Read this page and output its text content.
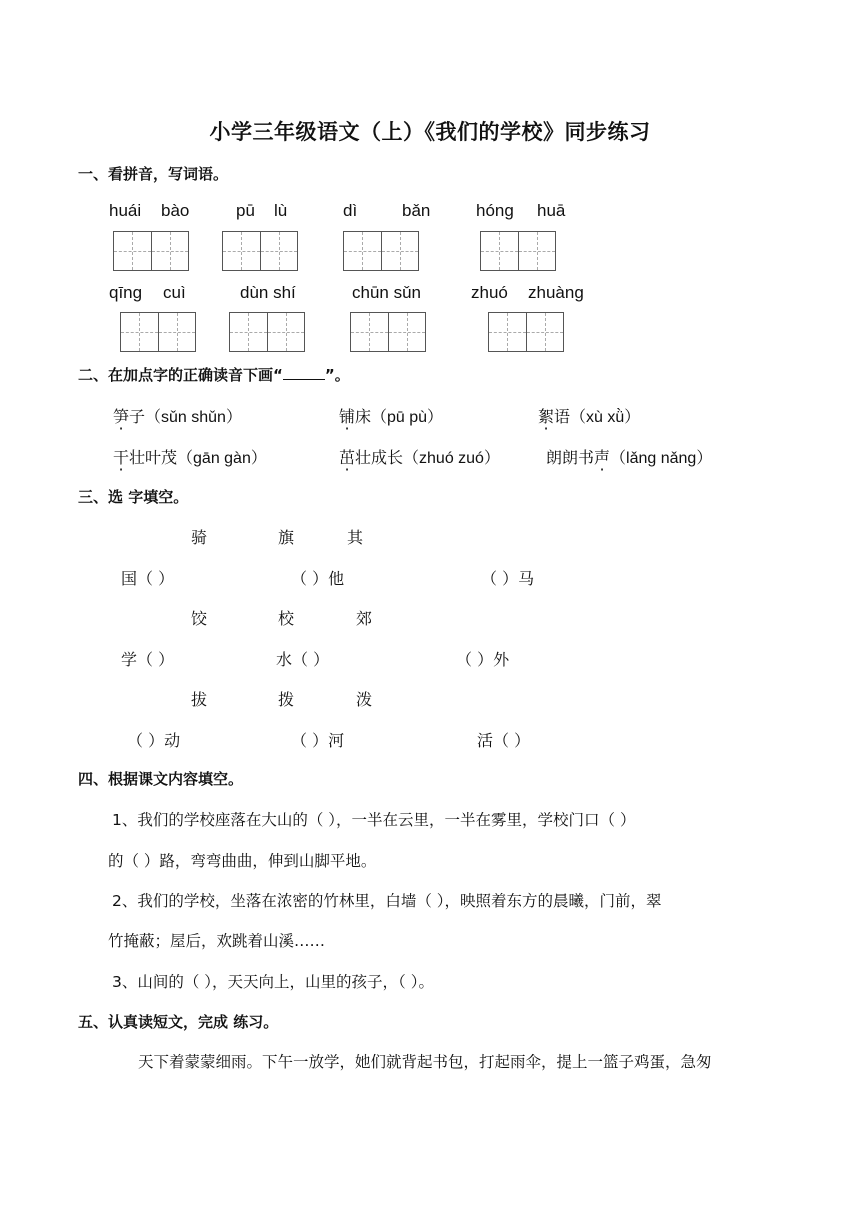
小学三年级语文（上）《我们的学校》同步练习
一、看拼音，写词语。
huái bào	pū lù	dì	bǎn	hóng huā
qīng cuì	dùn shí	chūn sǔn	zhuó zhuàng
二、在加点字的正确读音下画“	”。
笋子（sǔn shǔn）	铺床（pū pù）	絮语（xù xǜ）
干壮叶茂（gān gàn）	茁壮成长（zhuó zuó）	朗朗书声（lǎng nǎng）
三、选 字填空。
骑	旗	其
国（ ）	（ ）他	（ ）马
饺	校	郊
学（ ）	水（ ）	（ ）外
拔	拨	泼
（ ）动	（ ）河	活（ ）
四、根据课文内容填空。
1、我们的学校座落在大山的（ ），一半在云里，一半在雾里，学校门口（ ）
的（ ）路，弯弯曲曲，伸到山脚平地。
2、我们的学校，坐落在浓密的竹林里，白墙（ ），映照着东方的晨曦，门前，翠
竹掩蔽；屋后，欢跳着山溪……
3、山间的（ ），天天向上，山里的孩子，（ ）。
五、认真读短文，完成 练习。
天下着蒙蒙细雨。下午一放学，她们就背起书包，打起雨伞，提上一篮子鸡蛋，急匆
